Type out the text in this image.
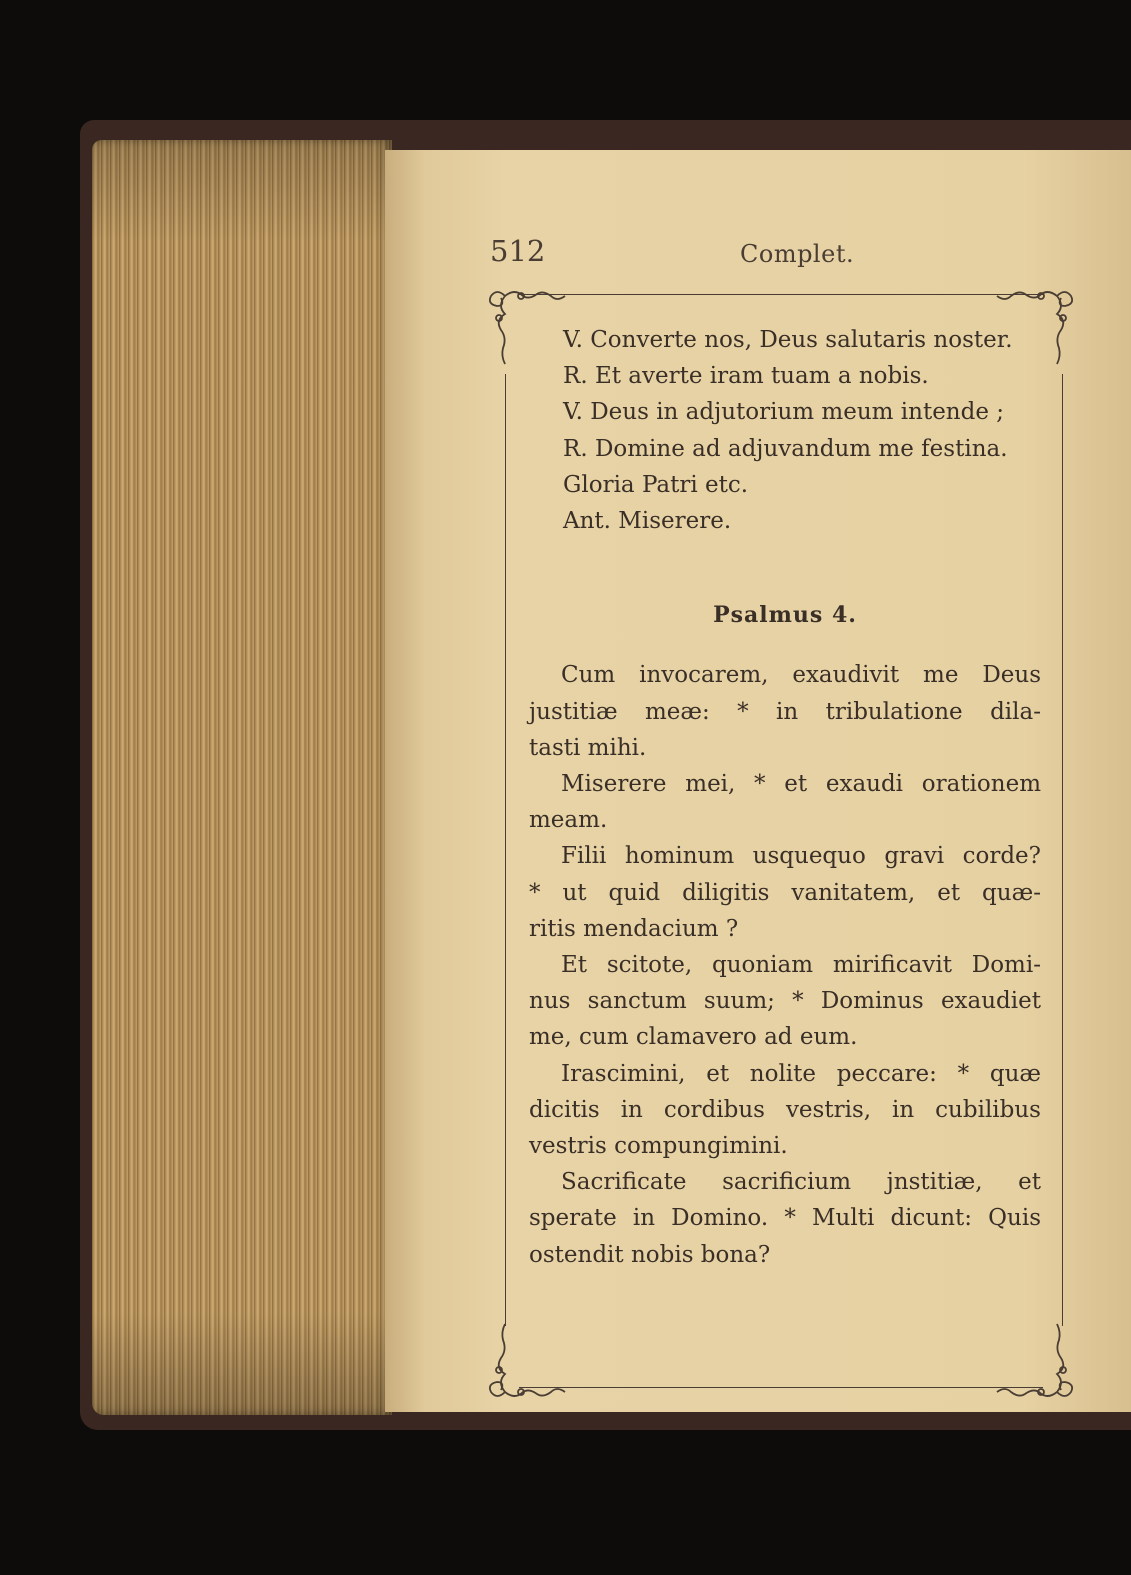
512	Complet.

V. Converte nos, Deus salutaris noster.

R. Et averte iram tuam a nobis.

V. Deus in adjutorium meum intende ;

R. Domine ad adjuvandum me festina.

Gloria Patri etc.

Ant. Miserere.

Psalmus 4.

Cum invocarem, exaudivit me Deus
justitiæ meæ: * in tribulatione dila-
tasti mihi.
Miserere mei, * et exaudi orationem
meam.
Filii hominum usquequo gravi corde?
* ut quid diligitis vanitatem, et quæ-
ritis mendacium ?
Et scitote, quoniam mirificavit Domi-
nus sanctum suum; * Dominus exaudiet
me, cum clamavero ad eum.
Irascimini, et nolite peccare: * quæ
dicitis in cordibus vestris, in cubilibus
vestris compungimini.
Sacrificate sacrificium jnstitiæ, et
sperate in Domino. * Multi dicunt: Quis
ostendit nobis bona?
